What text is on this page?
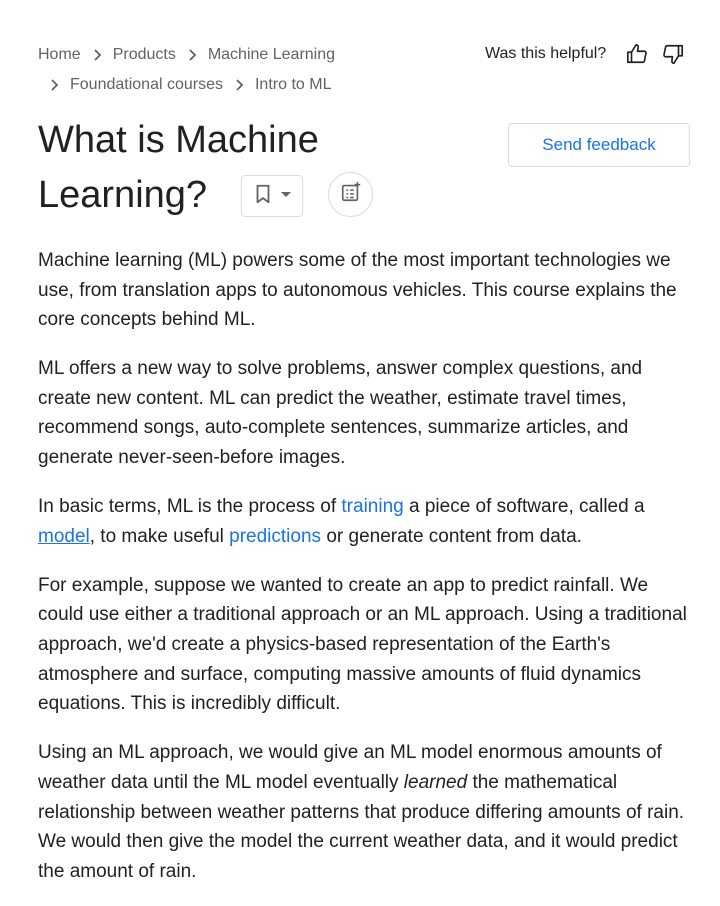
Home Products Machine Learning
Foundational courses Intro to ML
Was this helpful?
What is Machine
Learning?
Send feedback

Machine learning (ML) powers some of the most important technologies we use, from translation apps to autonomous vehicles. This course explains the core concepts behind ML.

ML offers a new way to solve problems, answer complex questions, and create new content. ML can predict the weather, estimate travel times, recommend songs, auto-complete sentences, summarize articles, and generate never-seen-before images.

In basic terms, ML is the process of training a piece of software, called a model, to make useful predictions or generate content from data.

For example, suppose we wanted to create an app to predict rainfall. We could use either a traditional approach or an ML approach. Using a traditional approach, we'd create a physics-based representation of the Earth's atmosphere and surface, computing massive amounts of fluid dynamics equations. This is incredibly difficult.

Using an ML approach, we would give an ML model enormous amounts of weather data until the ML model eventually learned the mathematical relationship between weather patterns that produce differing amounts of rain. We would then give the model the current weather data, and it would predict the amount of rain.
